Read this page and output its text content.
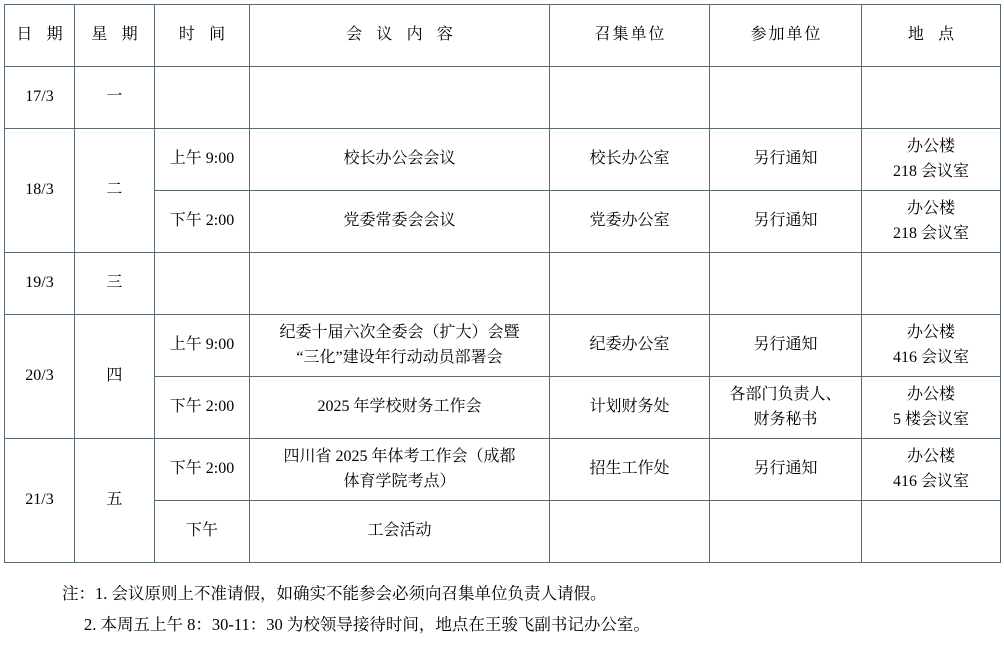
日 期	星 期	时 间	会 议 内 容	召集单位	参加单位	地 点
17/3	一					
18/3	二	上午 9:00	校长办公会会议	校长办公室	另行通知	办公楼
218 会议室

		下午 2:00	党委常委会会议	党委办公室	另行通知	办公楼
218 会议室

19/3	三					
20/3	四	上午 9:00	纪委十届六次全委会（扩大）会暨
“三化”建设年行动动员部署会	纪委办公室	另行通知	办公楼
416 会议室

		下午 2:00	2025 年学校财务工作会	计划财务处	各部门负责人、
财务秘书	办公楼
5 楼会议室

21/3	五	下午 2:00	四川省 2025 年体考工作会（成都
体育学院考点）	招生工作处	另行通知	办公楼
416 会议室

		下午	工会活动			
注：1. 会议原则上不准请假，如确实不能参会必须向召集单位负责人请假。
2. 本周五上午 8：30-11：30 为校领导接待时间，地点在王骏飞副书记办公室。
